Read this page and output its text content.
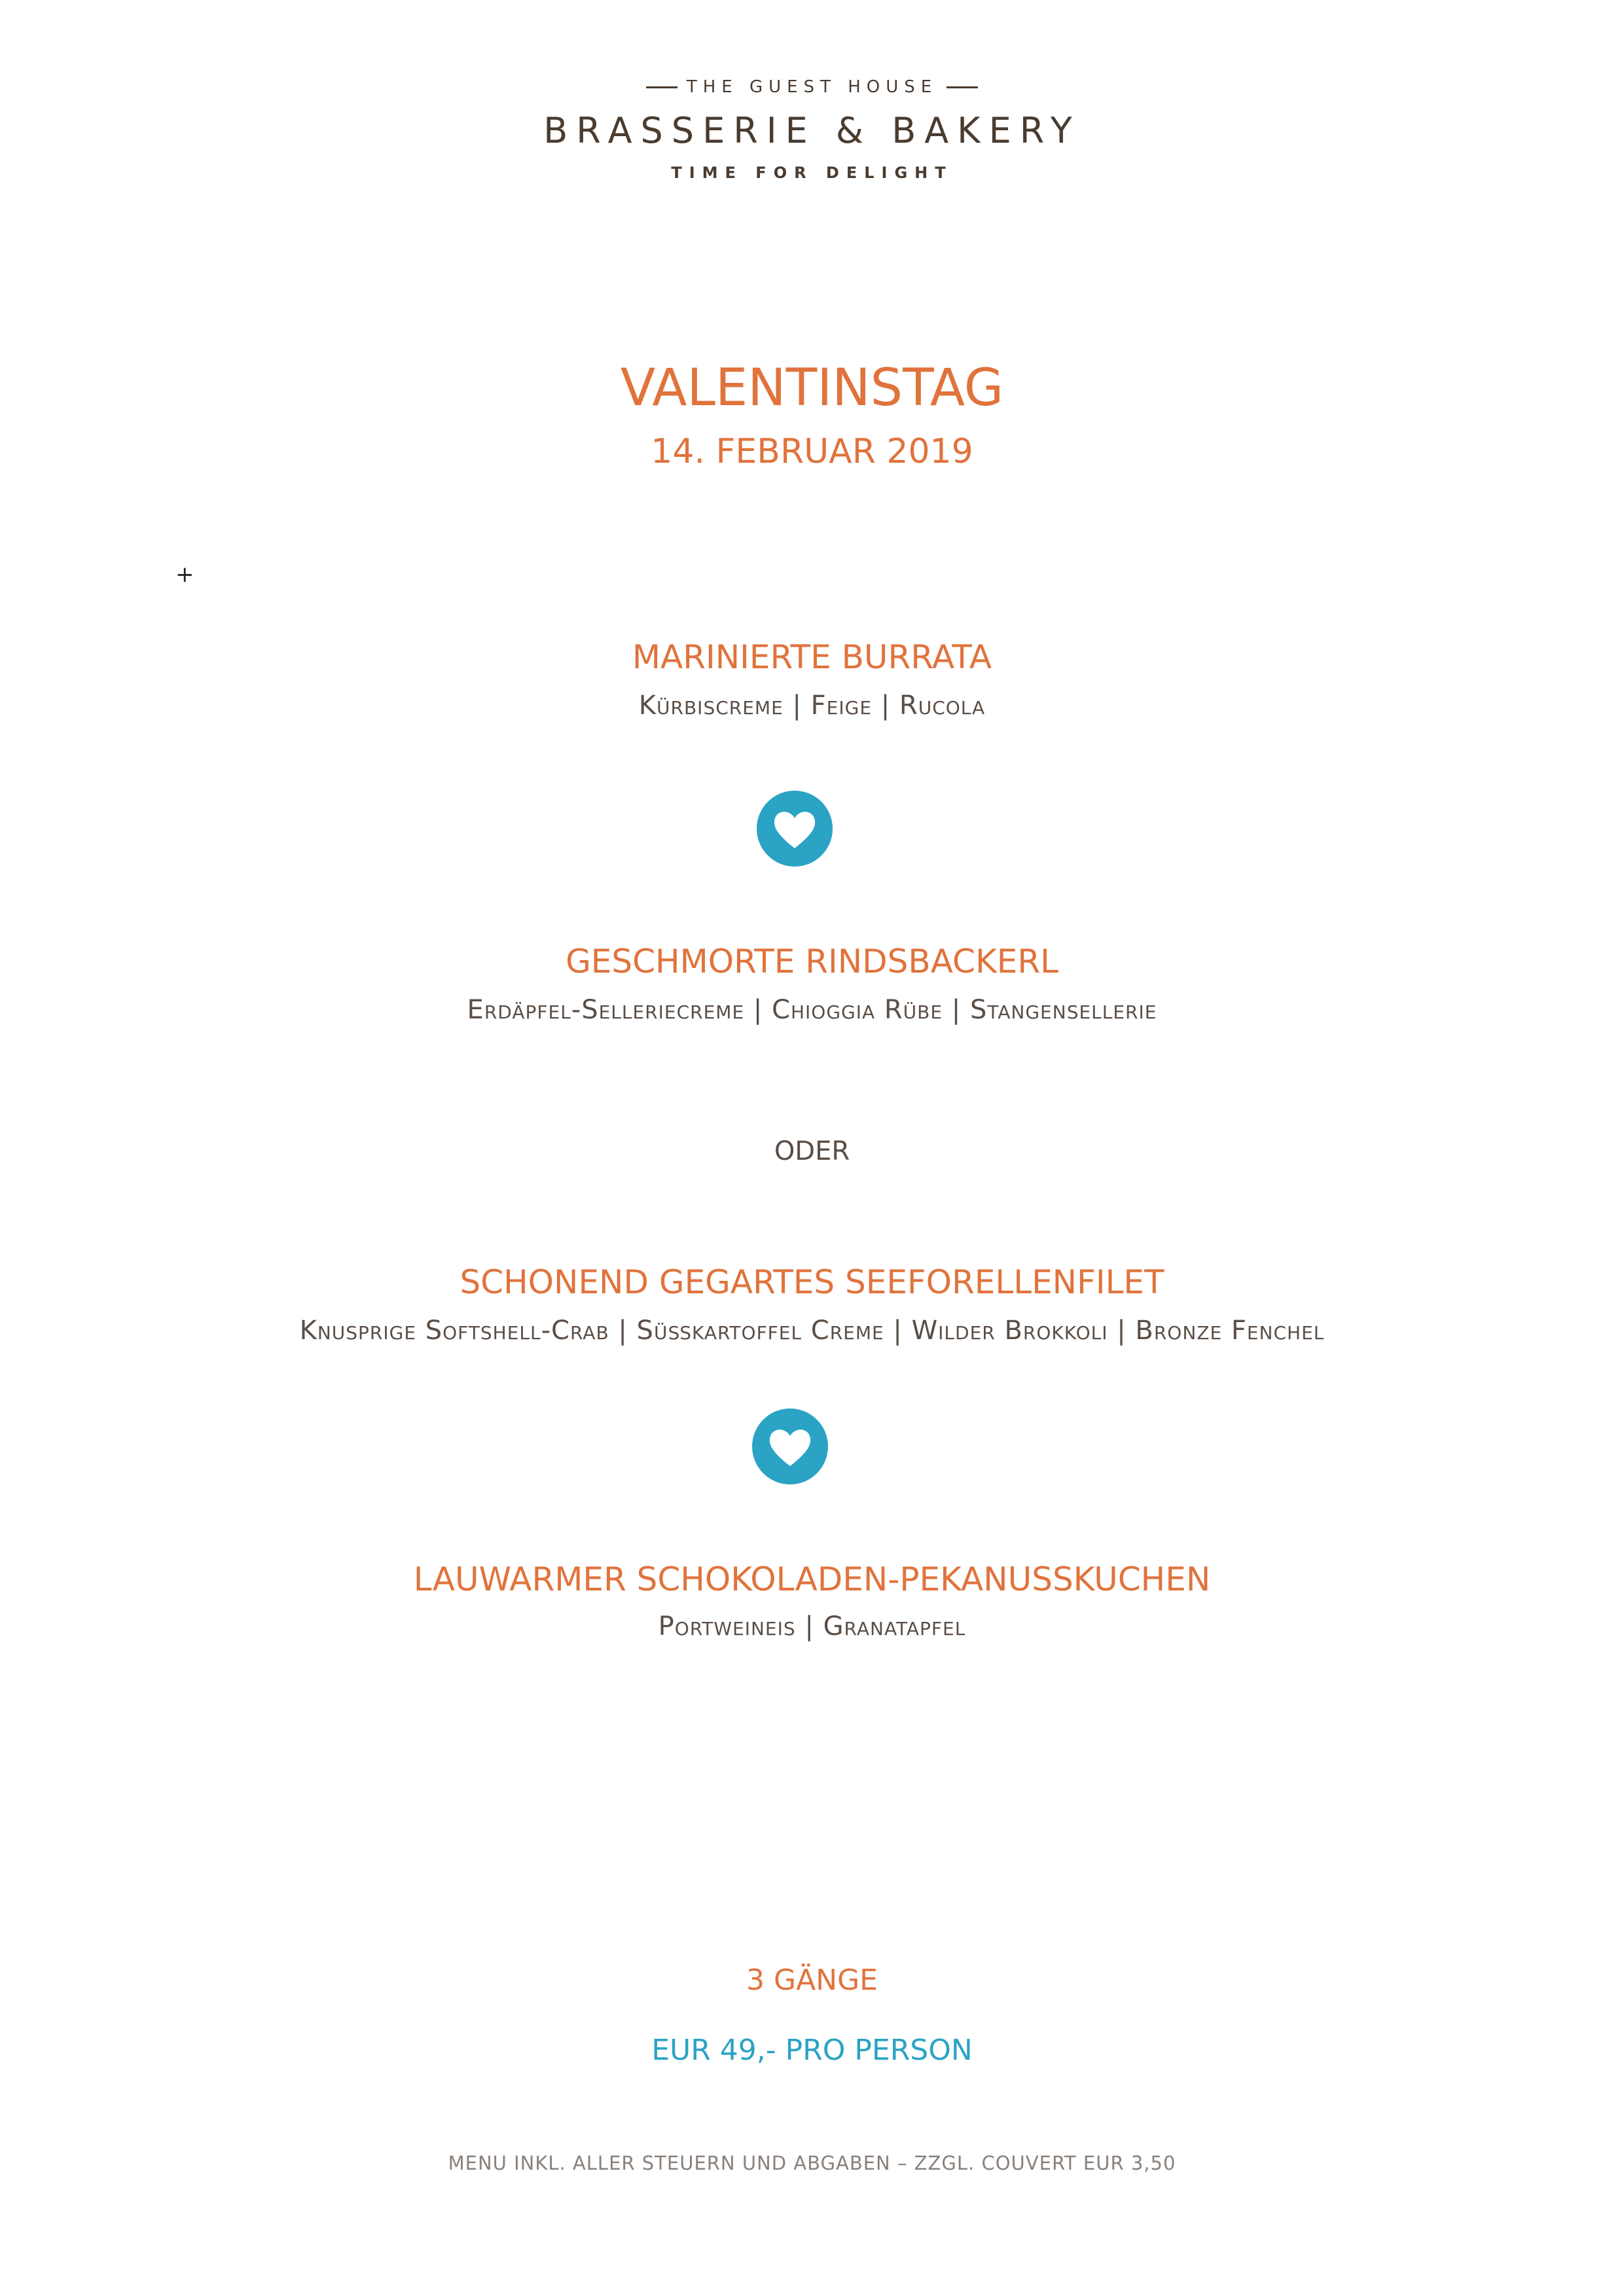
THE GUEST HOUSE
BRASSERIE & BAKERY
TIME FOR DELIGHT
VALENTINSTAG
14. FEBRUAR 2019
+
MARINIERTE BURRATA
Kürbiscreme | Feige | Rucola
GESCHMORTE RINDSBACKERL
Erdäpfel-Selleriecreme | Chioggia Rübe | Stangensellerie
ODER
SCHONEND GEGARTES SEEFORELLENFILET
Knusprige Softshell-Crab | Süßkartoffel Creme | Wilder Brokkoli | Bronze Fenchel
LAUWARMER SCHOKOLADEN-PEKANUSSKUCHEN
Portweineis | Granatapfel
3 GÄNGE
EUR 49,- PRO PERSON
MENU INKL. ALLER STEUERN UND ABGABEN – ZZGL. COUVERT EUR 3,50
